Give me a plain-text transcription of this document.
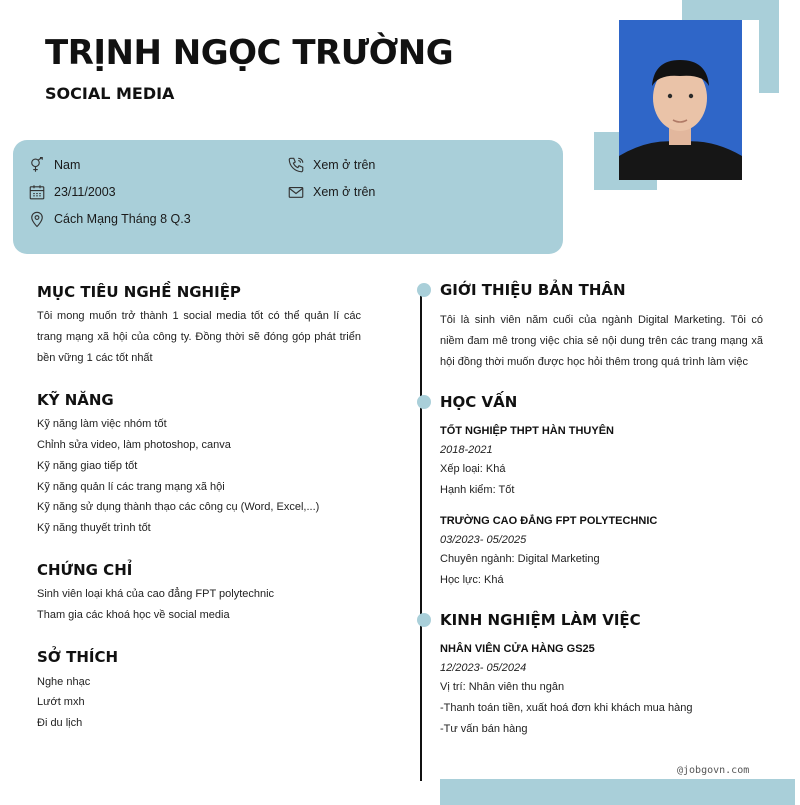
TRỊNH NGỌC TRƯỜNG
SOCIAL MEDIA
Nam
23/11/2003
Cách Mạng Tháng 8 Q.3
Xem ở trên
Xem ở trên
MỤC TIÊU NGHỀ NGHIỆP
Tôi mong muốn trở thành 1 social media tốt có thể quản lí các trang mạng xã hội của công ty. Đồng thời sẽ đóng góp phát triển bền vững 1 các tốt nhất
KỸ NĂNG
Kỹ năng làm việc nhóm tốt
Chỉnh sửa video, làm photoshop, canva
Kỹ năng giao tiếp tốt
Kỹ năng quản lí các trang mạng xã hội
Kỹ năng sử dụng thành thạo các công cụ (Word, Excel,...)
Kỹ năng thuyết trình tốt
CHỨNG CHỈ
Sinh viên loại khá của cao đẳng FPT polytechnic
Tham gia các khoá học về social media
SỞ THÍCH
Nghe nhạc
Lướt mxh
Đi du lịch
GIỚI THIỆU BẢN THÂN
Tôi là sinh viên năm cuối của ngành Digital Marketing. Tôi có niềm đam mê trong việc chia sẻ nội dung trên các trang mạng xã hội đồng thời muốn được học hỏi thêm trong quá trình làm việc
HỌC VẤN
TỐT NGHIỆP THPT HÀN THUYÊN
2018-2021
Xếp loại: Khá
Hạnh kiểm: Tốt
TRƯỜNG CAO ĐẲNG FPT POLYTECHNIC
03/2023- 05/2025
Chuyên ngành: Digital Marketing
Học lực: Khá
KINH NGHIỆM LÀM VIỆC
NHÂN VIÊN CỬA HÀNG GS25
12/2023- 05/2024
Vị trí: Nhân viên thu ngân
-Thanh toán tiền, xuất hoá đơn khi khách mua hàng
-Tư vấn bán hàng
@jobgovn.com
